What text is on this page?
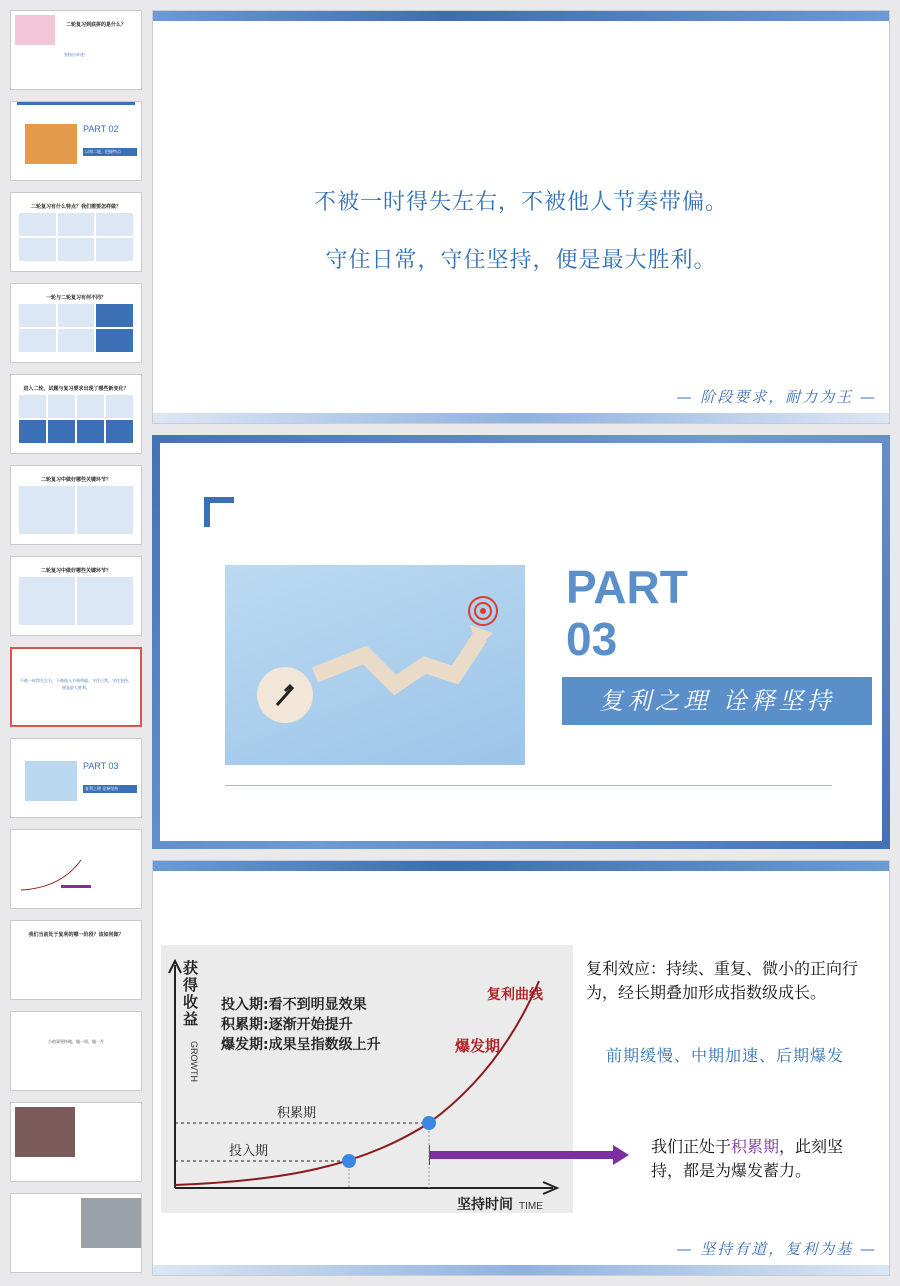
二轮复习到底拼的是什么？
坚持出奇迹！
PART 02
以和二轮，把握特点
二轮复习有什么特点？我们需要怎样做？
一轮与二轮复习有何不同？
进入二轮，试题与复习要求出现了哪些新变化？
二轮复习中做好哪些关键环节？
二轮复习中做好哪些关键环节？
不被一时得失左右，不被他人节奏带偏。守住日常，守住坚持，便是最大胜利。
PART 03
复利之理 诠释坚持
我们当前处于复利的哪一阶段？该如何做？
小的事坚持做，做一周，做一月
不被一时得失左右，不被他人节奏带偏。
守住日常，守住坚持，便是最大胜利。
— 阶段要求，耐力为王 —
PART
03
复利之理 诠释坚持
获得收益
GROWTH
复利曲线
爆发期
积累期
投入期
投入期:看不到明显效果
积累期:逐渐开始提升
爆发期:成果呈指数级上升
坚持时间 TIME
复利效应：持续、重复、微小的正向行为，经长期叠加形成指数级成长。
前期缓慢、中期加速、后期爆发
我们正处于积累期，此刻坚持，都是为爆发蓄力。
— 坚持有道，复利为基 —
